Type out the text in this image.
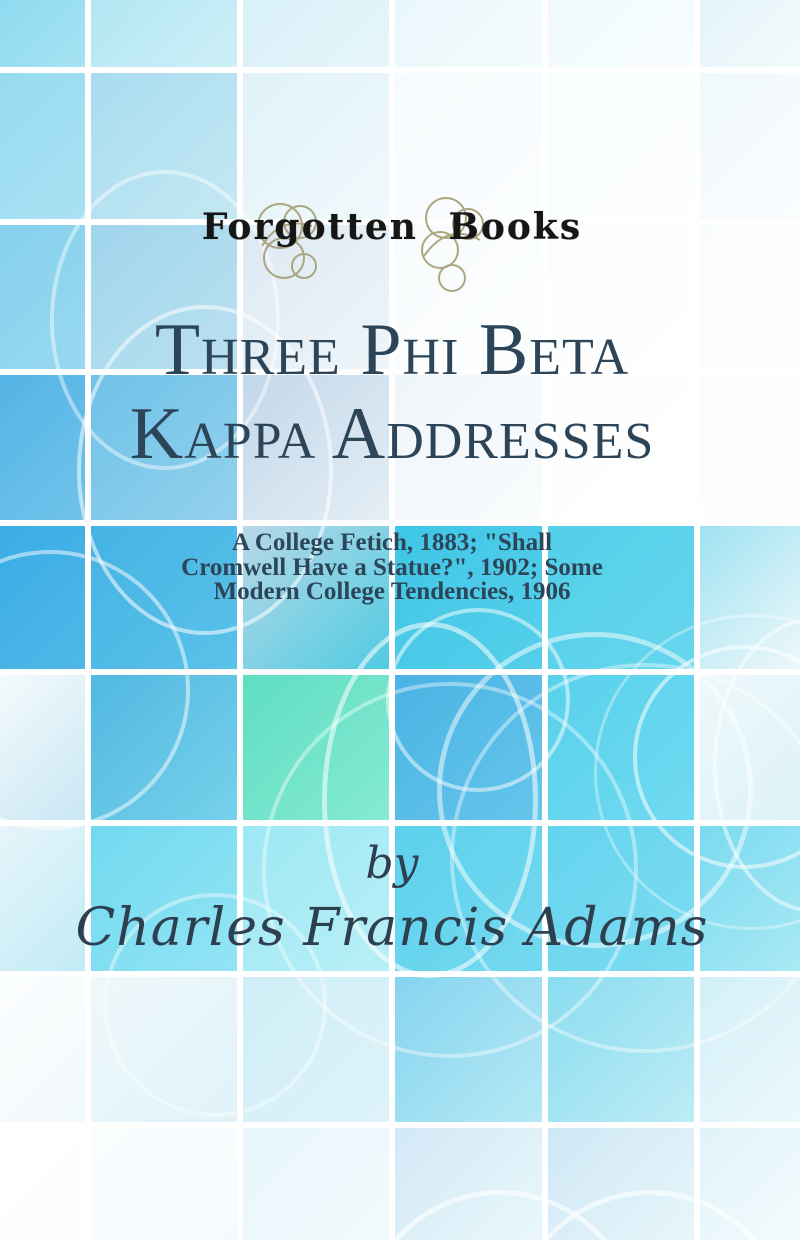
Forgotten Books
Three Phi Beta
Kappa Addresses
A College Fetich, 1883; "Shall
Cromwell Have a Statue?", 1902; Some
Modern College Tendencies, 1906
by
Charles Francis Adams
